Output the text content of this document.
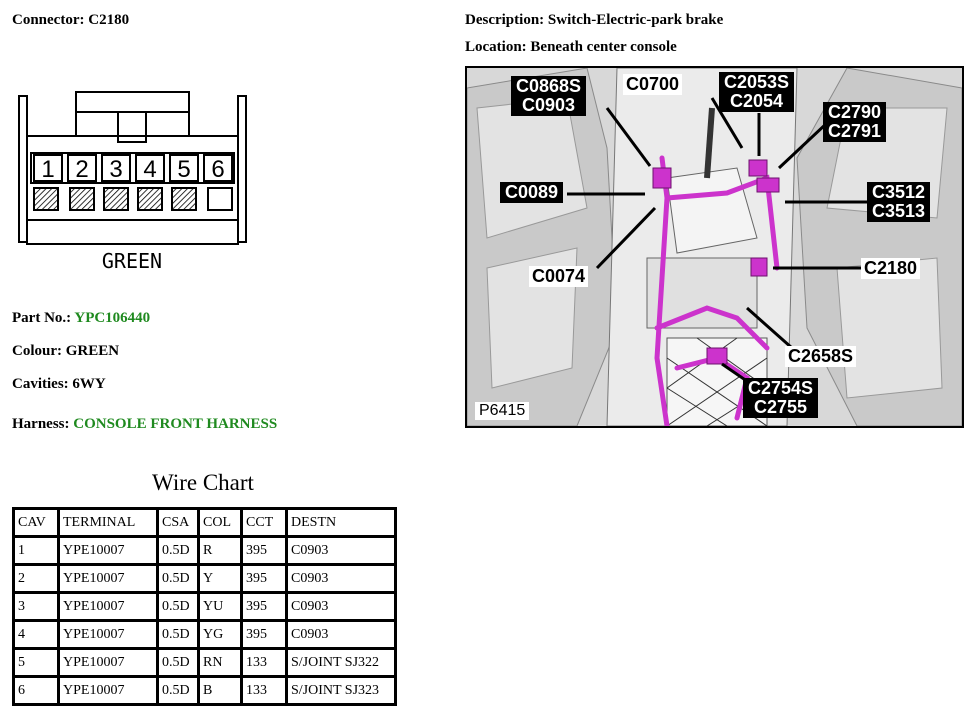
Connector: C2180	Description: Switch-Electric-park brake
Location: Beneath center console
1 2 3 4 5 6
GREEN
Part No.: YPC106440
Colour: GREEN
Cavities: 6WY
Harness: CONSOLE FRONT HARNESS
Wire Chart
CAV	TERMINAL	CSA	COL	CCT	DESTN
1	YPE10007	0.5D	R	395	C0903
2	YPE10007	0.5D	Y	395	C0903
3	YPE10007	0.5D	YU	395	C0903
4	YPE10007	0.5D	YG	395	C0903
5	YPE10007	0.5D	RN	133	S/JOINT SJ322
6	YPE10007	0.5D	B	133	S/JOINT SJ323
C0868S
C0903
C0700 C2053S
C2054
C2790
C2791
C0089	C3512
C3513
C2180
C0074
C2658S
C2754S
C2755
P6415
